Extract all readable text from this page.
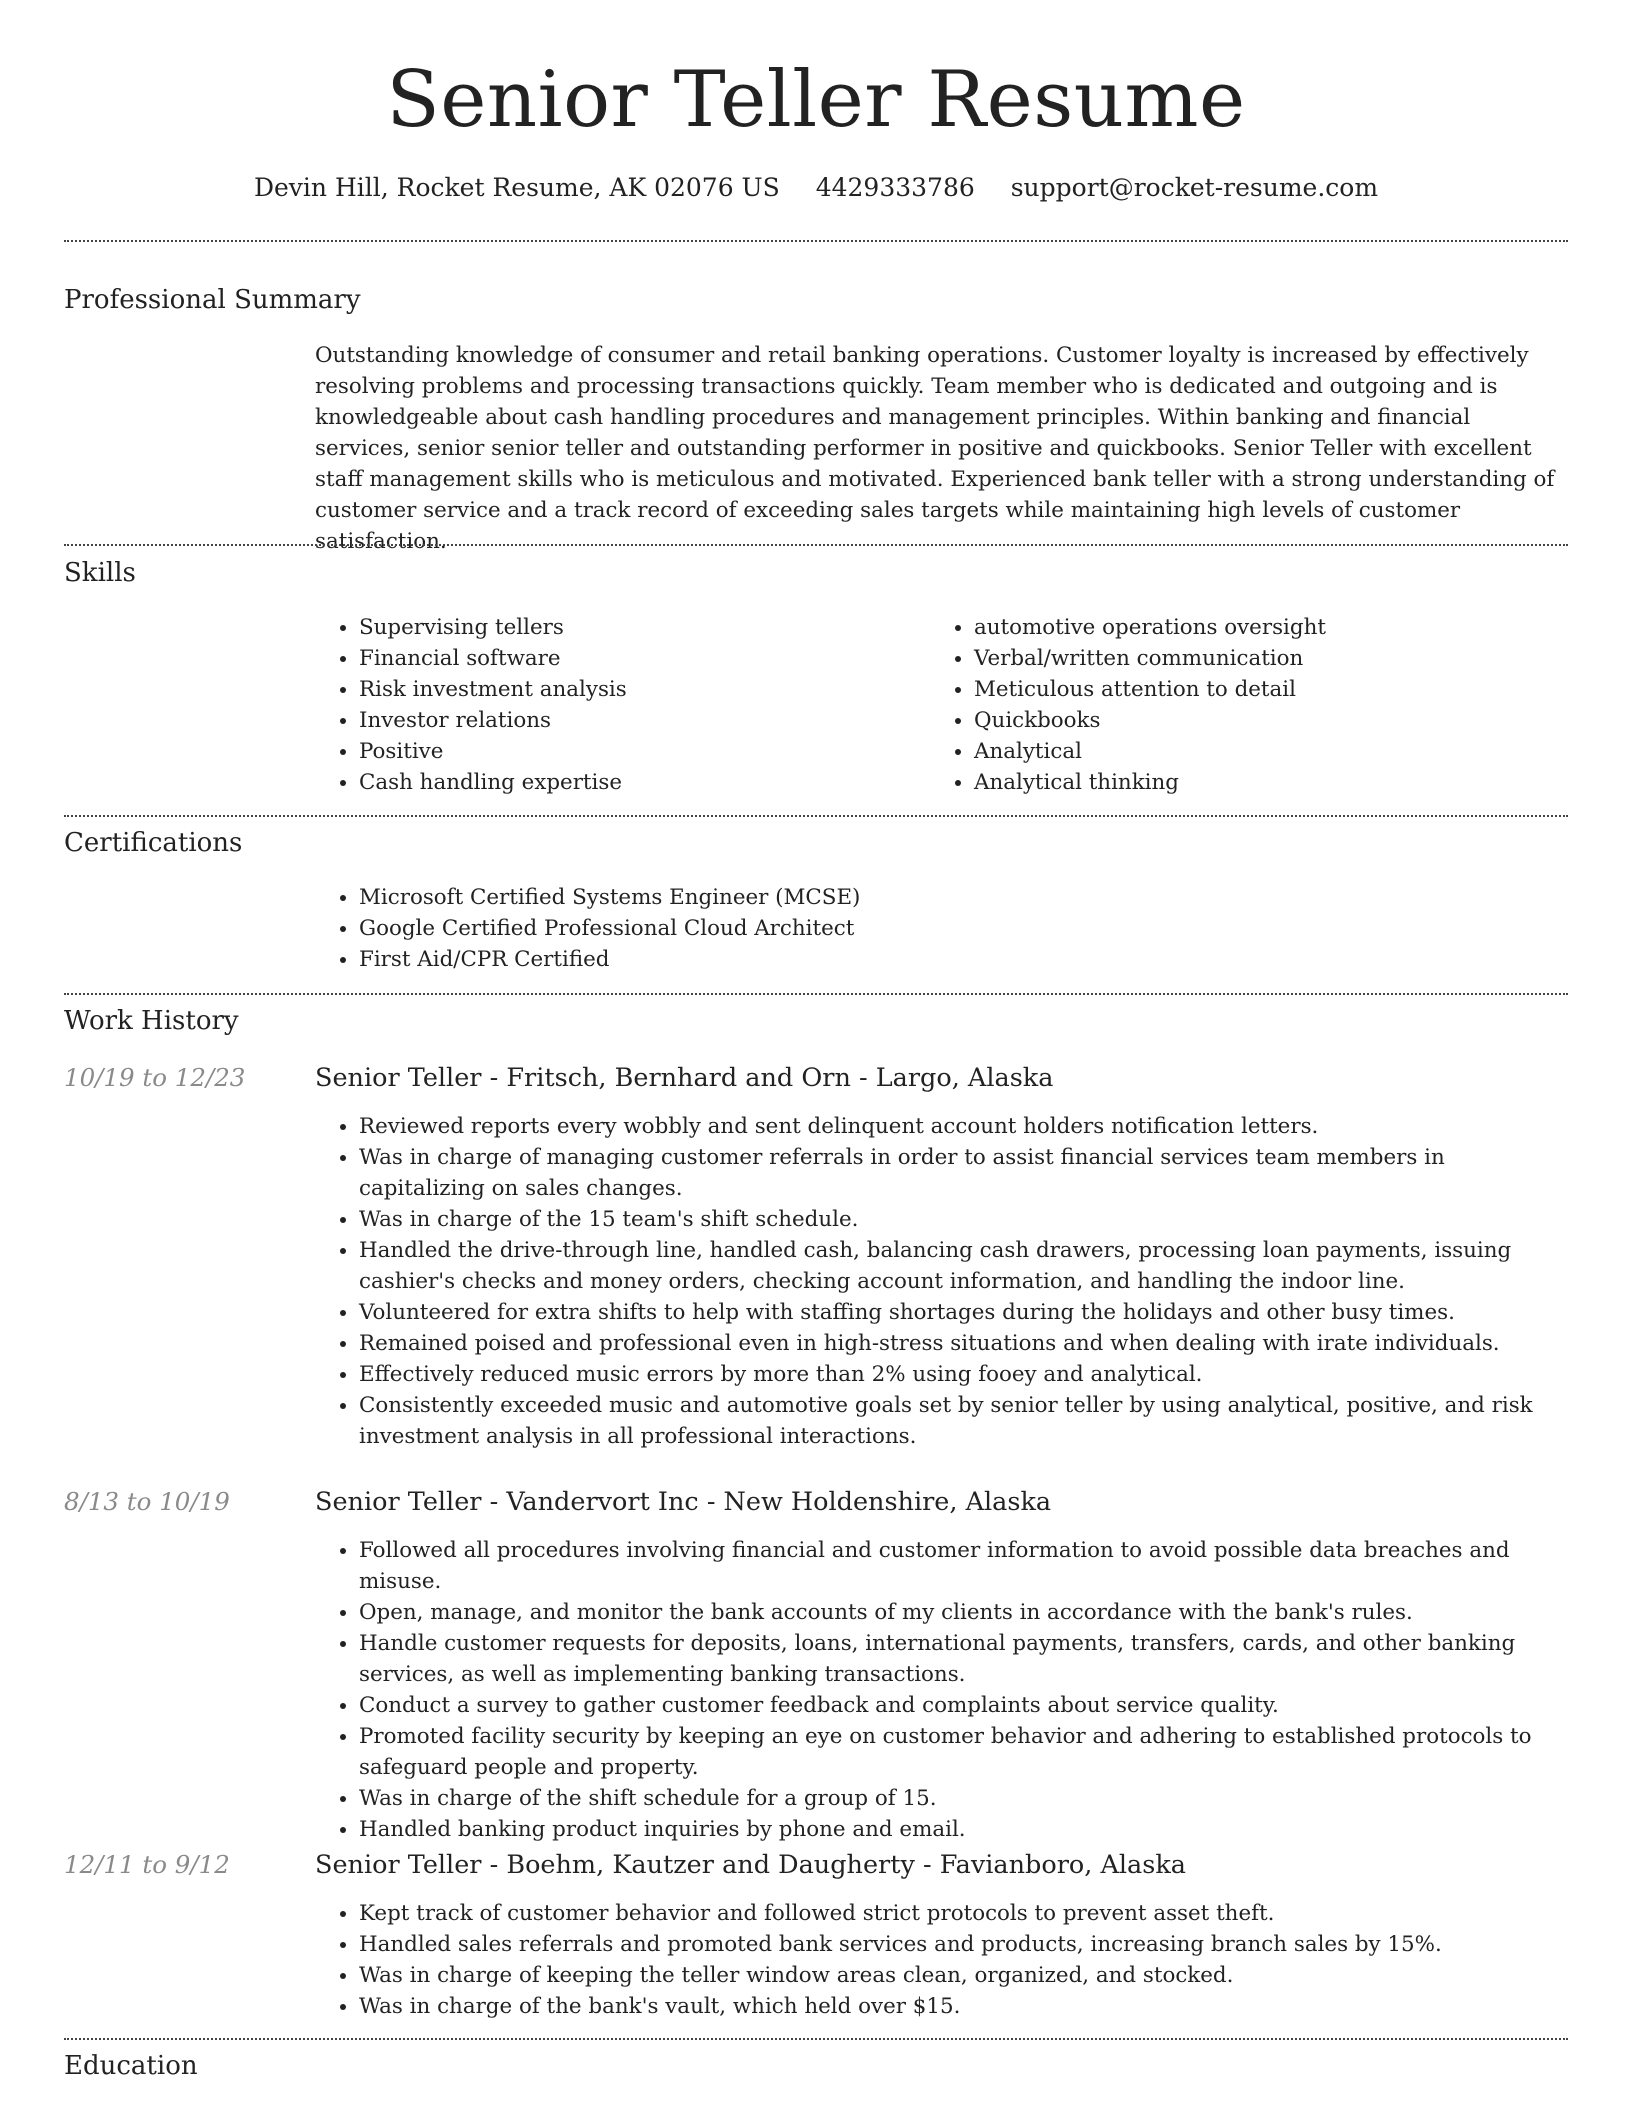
Senior Teller Resume
Devin Hill, Rocket Resume, AK 02076 US 4429333786 support@rocket-resume.com
Professional Summary
Outstanding knowledge of consumer and retail banking operations. Customer loyalty is increased by effectively resolving problems and processing transactions quickly. Team member who is dedicated and outgoing and is knowledgeable about cash handling procedures and management principles. Within banking and financial services, senior senior teller and outstanding performer in positive and quickbooks. Senior Teller with excellent staff management skills who is meticulous and motivated. Experienced bank teller with a strong understanding of customer service and a track record of exceeding sales targets while maintaining high levels of customer satisfaction.
Skills
• Supervising tellers
• Financial software
• Risk investment analysis
• Investor relations
• Positive
• Cash handling expertise
• automotive operations oversight
• Verbal/written communication
• Meticulous attention to detail
• Quickbooks
• Analytical
• Analytical thinking
Certifications
• Microsoft Certified Systems Engineer (MCSE)
• Google Certified Professional Cloud Architect
• First Aid/CPR Certified
Work History
10/19 to 12/23	Senior Teller - Fritsch, Bernhard and Orn - Largo, Alaska
• Reviewed reports every wobbly and sent delinquent account holders notification letters.
• Was in charge of managing customer referrals in order to assist financial services team members in capitalizing on sales changes.
• Was in charge of the 15 team's shift schedule.
• Handled the drive-through line, handled cash, balancing cash drawers, processing loan payments, issuing cashier's checks and money orders, checking account information, and handling the indoor line.
• Volunteered for extra shifts to help with staffing shortages during the holidays and other busy times.
• Remained poised and professional even in high-stress situations and when dealing with irate individuals.
• Effectively reduced music errors by more than 2% using fooey and analytical.
• Consistently exceeded music and automotive goals set by senior teller by using analytical, positive, and risk investment analysis in all professional interactions.
8/13 to 10/19	Senior Teller - Vandervort Inc - New Holdenshire, Alaska
• Followed all procedures involving financial and customer information to avoid possible data breaches and misuse.
• Open, manage, and monitor the bank accounts of my clients in accordance with the bank's rules.
• Handle customer requests for deposits, loans, international payments, transfers, cards, and other banking services, as well as implementing banking transactions.
• Conduct a survey to gather customer feedback and complaints about service quality.
• Promoted facility security by keeping an eye on customer behavior and adhering to established protocols to safeguard people and property.
• Was in charge of the shift schedule for a group of 15.
• Handled banking product inquiries by phone and email.
12/11 to 9/12	Senior Teller - Boehm, Kautzer and Daugherty - Favianboro, Alaska
• Kept track of customer behavior and followed strict protocols to prevent asset theft.
• Handled sales referrals and promoted bank services and products, increasing branch sales by 15%.
• Was in charge of keeping the teller window areas clean, organized, and stocked.
• Was in charge of the bank's vault, which held over $15.
Education
